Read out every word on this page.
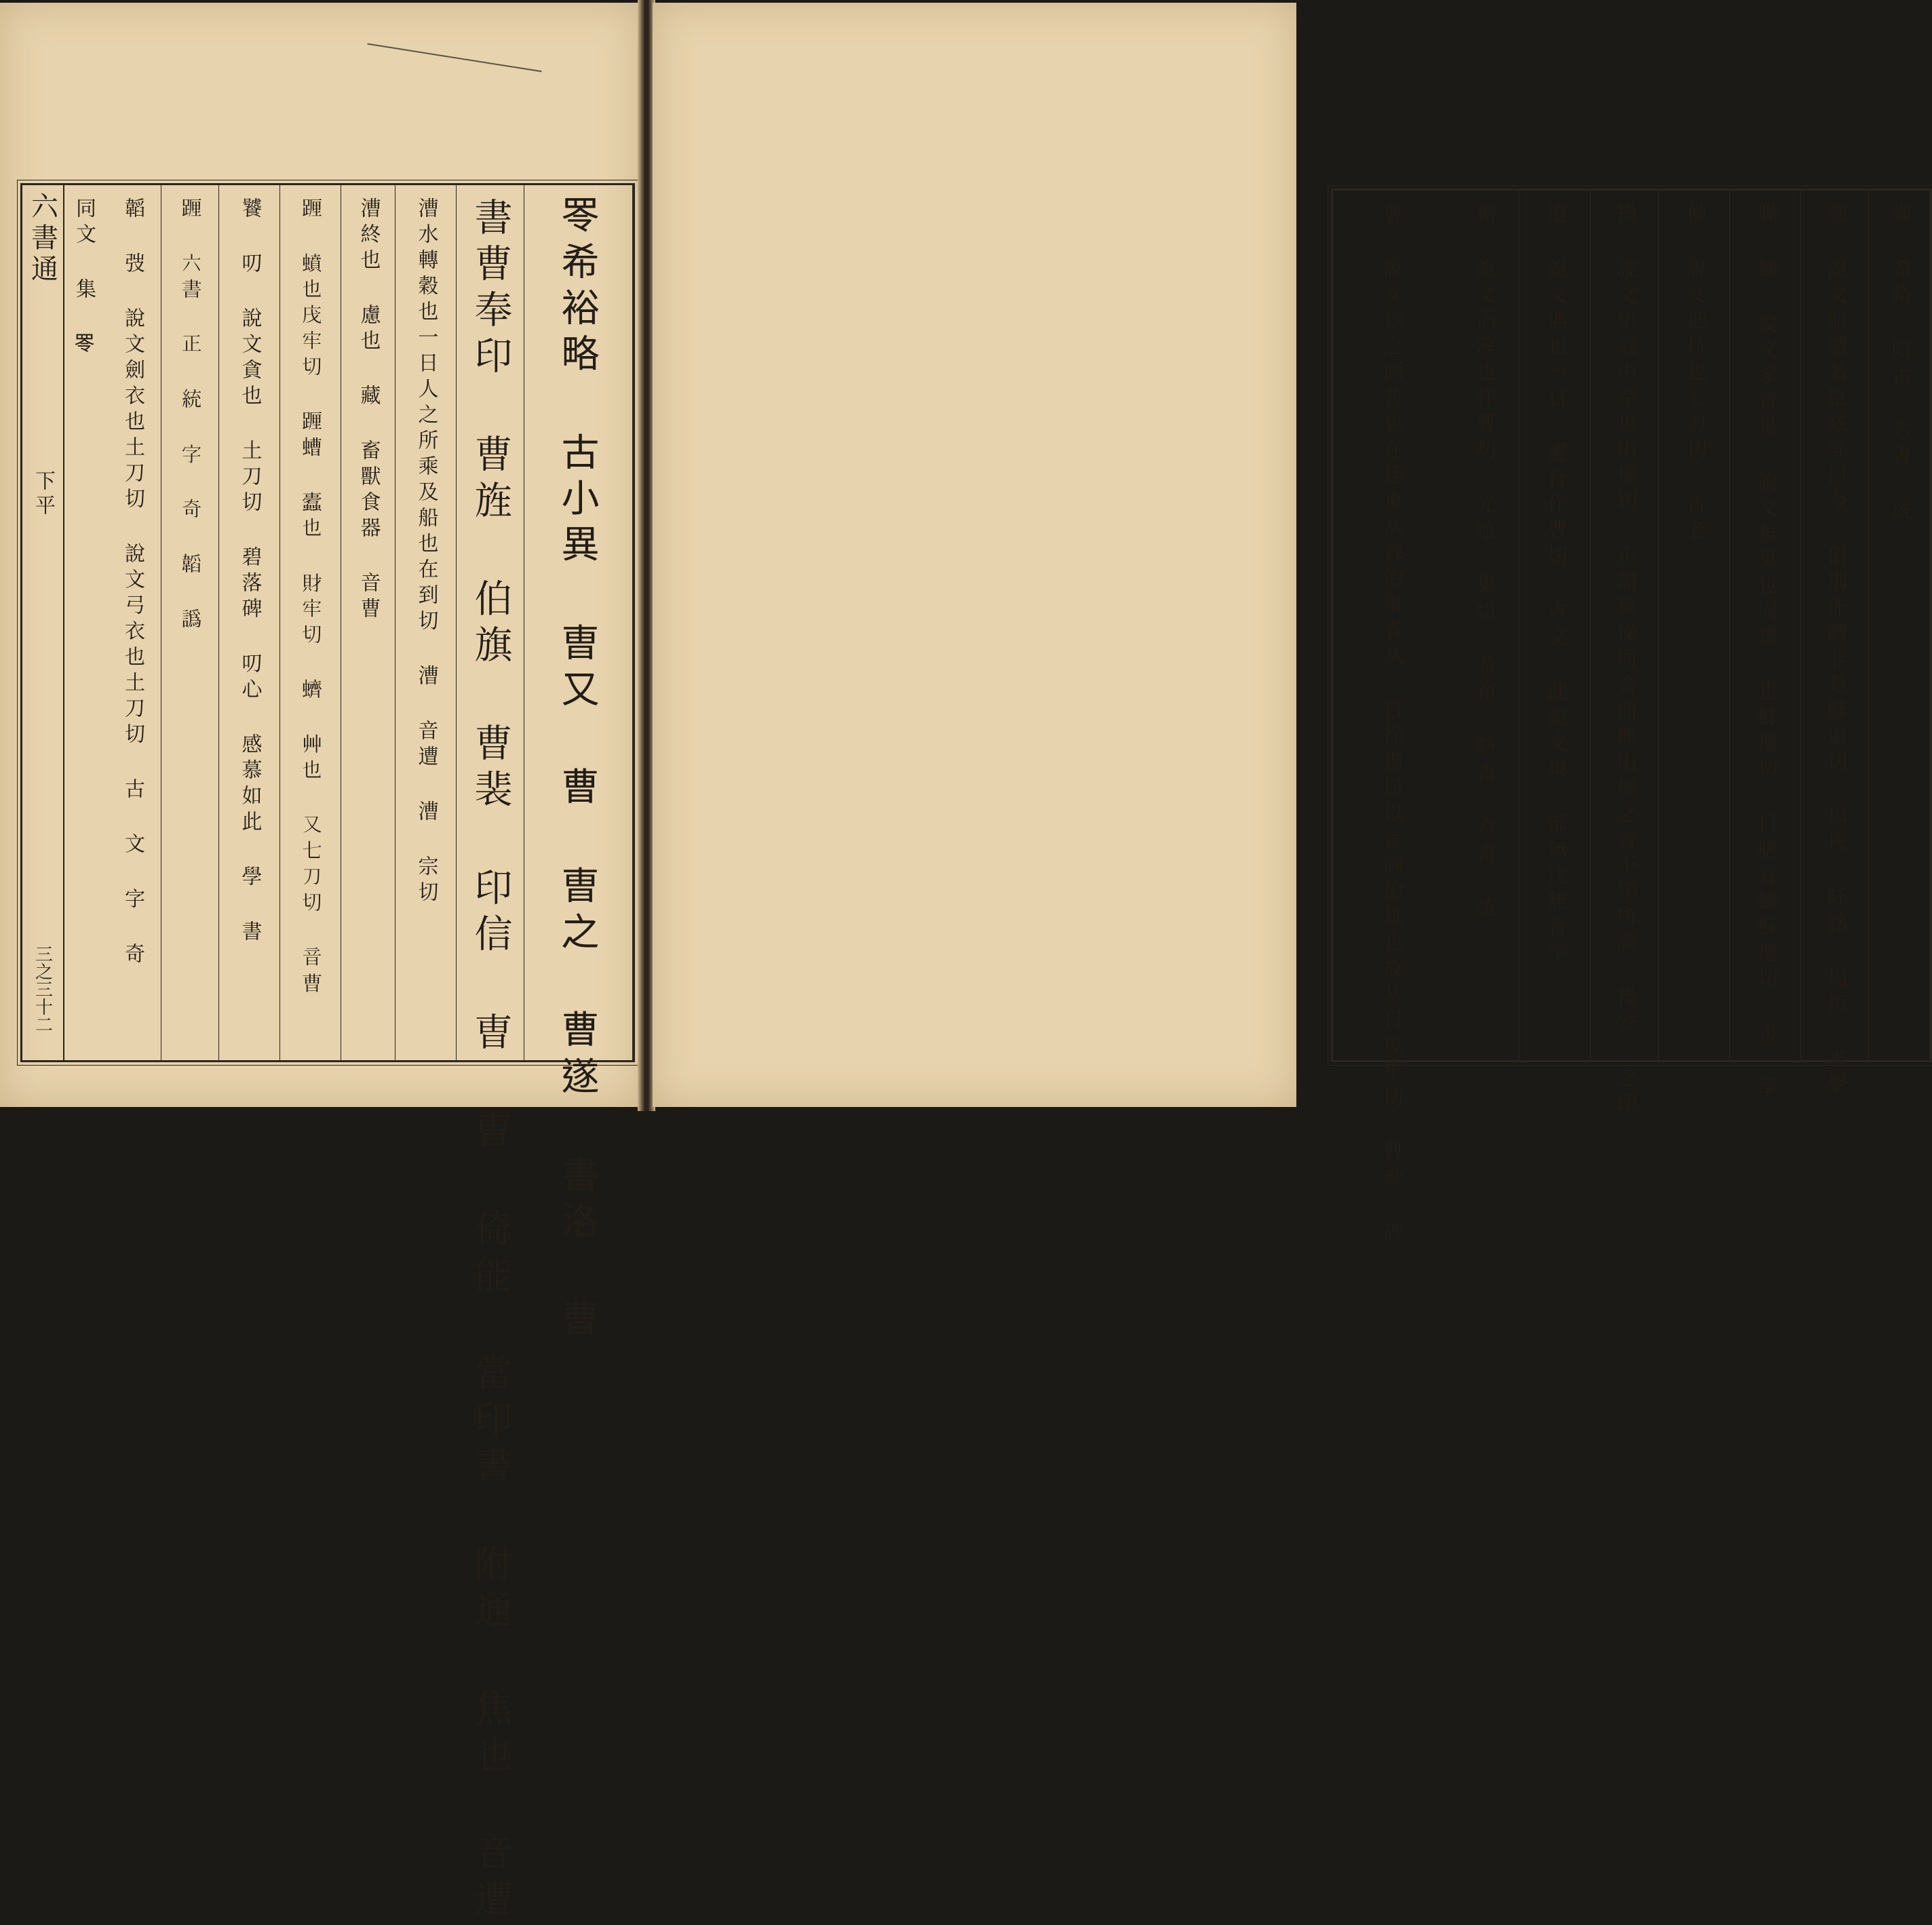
六書通
下平
三之三十二	𦊓希裕略 古小異 曺又 曹 曺之 曹遂 書洛 曹
書曹奉印 曹旌 伯旗 曹裴 印信 曺 曺 倚能 當印書 附通 焦也 音遭
漕水轉穀也一日人之所乘及船也在到切 漕 音遭 漕 宗切
漕終也 慮也 藏 畜獸食器 音曹
𨂷 蟦也㡲牢切 𨂷螬 蠹也 財牢切 蠐 艸也 又七刀切 音曹
饕 叨 說文貪也 土刀切 碧落碑 叨心 感慕如此 學 書
𨂷 六書 正 統 字 奇 韜 譌
韜 弢 說文劍衣也土刀切 說文弓衣也土刀切 古 文 字 奇
同文 集 𦊓	繅 希裕 略古 六書 統
艘 說文船總名臣鉉等曰今 俗別作艘非是穌遭切 楊氏 阡銘 楊桓 書學
臊 鱢 說文豕膏臭 說文魚臭也周禮 也穌遭切 日膳膏鱢穌遭切 書 學
操 說文把持也七刀切 古老
橾 說文車轂中空也山樞切 正韻與操同音而無山樞之音不知所謂 操安 之印
遭 說文遇也一日 邐行作曹切 古文 此說文東 部無注無音字
糟 說文酒滓也作曹切 光遠 集綴 希裕 略古 六書 統
曹 說文獄之兩曹也在廷東从棘治事者从 日徐鍇曰以言詞治獄也故从日㡲牢切 曹參 碑
